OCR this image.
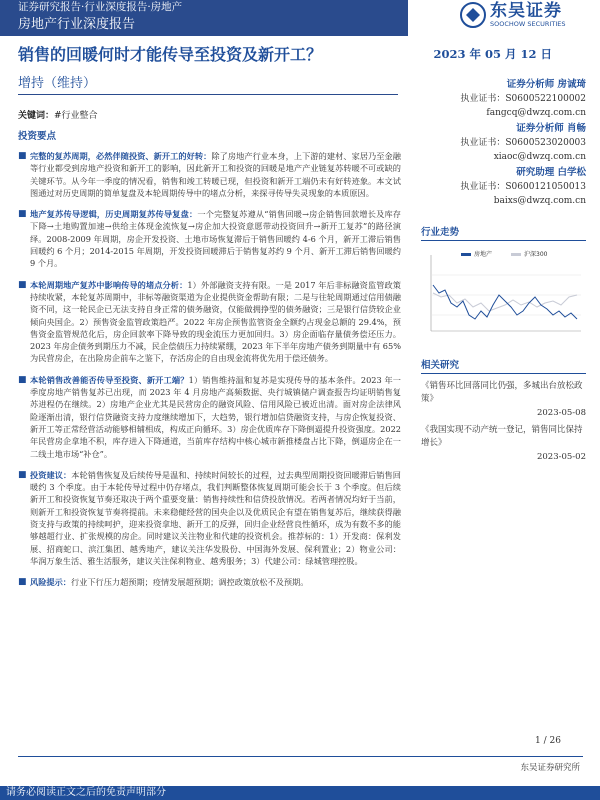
证券研究报告·行业深度报告·房地产
房地产行业深度报告
东吴证券
SOOCHOW SECURITIES
销售的回暖何时才能传导至投资及新开工？	2023 年 05 月 12 日
增持（维持）
关键词：#行业整合
投资要点
■ 完整的复苏周期，必然伴随投资、新开工的好转：除了房地产行业本身，上下游的建材、家居乃至金融等行业都受到房地产投资和新开工的影响，因此新开工和投资的回暖是地产产业链复苏转暖不可或缺的关键环节。从今年一季度的情况看，销售和竣工转暖已现，但投资和新开工端仍未有好转迹象。本文试图通过对历史周期的简单复盘及本轮周期传导中的堵点分析，来探寻传导失灵现象的本质原因。
■ 地产复苏传导逻辑，历史周期复苏传导复盘：一个完整复苏遵从“销售回暖→房企销售回款增长及库存下降→土地购置加速→供给主体现金流恢复→房企加大投资意愿带动投资回升→新开工复苏”的路径演绎。2008-2009 年周期，房企开发投资、土地市场恢复滞后于销售回暖约 4-6 个月，新开工滞后销售回暖约 6 个月；2014-2015 年周期，开发投资回暖滞后于销售复苏约 9 个月、新开工滞后销售回暖约 9 个月。
■ 本轮周期地产复苏中影响传导的堵点分析：1）外部融资支持有限。一是 2017 年后非标融资监管政策持续收紧，本轮复苏周期中，非标等融资渠道为企业提供资金帮助有限；二是与往轮周期通过信用债融资不同，这一轮民企已无法支持自身正常的债务融资，仅能做拥挣型的债务融资；三是银行信贷较企业倾向央国企。2）预售资金监管政策趋严。2022 年房企预售监管资金全额约占现金总额的 29.4%，预售资金监管规范化后，房企回款率下降导致的现金流压力更加回归。3）房企面临存量债务偿还压力。2023 年房企债务到期压力不减，民企偿债压力持续紧绷，2023 年下半年房地产债务到期量中有 65%为民营房企，在出险房企前车之鉴下，存活房企的自由现金流将优先用于偿还债务。
■ 本轮销售改善能否传导至投资、新开工端？1）销售维持温和复苏是实现传导的基本条件。2023 年一季度房地产销售复苏已出现，而 2023 年 4 月房地产高频数据、央行城镇储户调查报告均证明销售复苏进程仍在继续。2）房地产企业尤其是民营房企的融资风险、信用风险已被近出清。面对房企法律风险逐渐出清，银行信贷融资支持力度继续增加下，大趋势，银行增加信贷融资支持，与房企恢复投资、新开工等正常经营活动能够相辅相成，构成正向循环。3）房企优质库存下降倒逼提升投资强度。2022 年民营房企拿地不积，库存进入下降通道，当前库存结构中核心城市新推楼盘占比下降，倒逼房企在一二线土地市场“补仓”。
■ 投资建议：本轮销售恢复及后续传导是温和、持续时间较长的过程，过去典型周期投资回暖滞后销售回暖约 3 个季度。由于本轮传导过程中仍存堵点，我们判断整体恢复周期可能会长于 3 个季度。但后续新开工和投资恢复节奏还取决于两个重要变量：销售持续性和信贷投放情况。若两者情况均好于当前，则新开工和投资恢复节奏将提前。未来稳健经营的国央企以及优质民企有望在销售复苏后，继续获得融资支持与政策的持续呵护，迎来投资拿地、新开工的反弹，回归企业经营良性循环，成为有数不多的能够越超行业、扩张规模的房企。同时建议关注物业和代建的投资机会。推荐标的：1）开发商：保利发展、招商蛇口、滨江集团、越秀地产，建议关注华发股份、中国海外发展、保利置业；2）物业公司：华润万象生活、雅生活服务，建议关注保利物业、越秀服务；3）代建公司：绿城管理控股。
■ 风险提示：行业下行压力超预期；疫情发展超预期；调控政策放松不及预期。
证券分析师 房诚琦
执业证书：S0600522100002
fangcq@dwzq.com.cn
证券分析师 肖畅
执业证书：S0600523020003
xiaoc@dwzq.com.cn
研究助理 白学松
执业证书：S0600121050013
baixs@dwzq.com.cn
行业走势
房地产	沪深300
相关研究
《销售环比回落同比仍强，多城出台放松政策》
2023-05-08
《我国实现不动产统一登记，销售同比保持增长》
2023-05-02
1 / 26
东吴证券研究所
请务必阅读正文之后的免责声明部分
